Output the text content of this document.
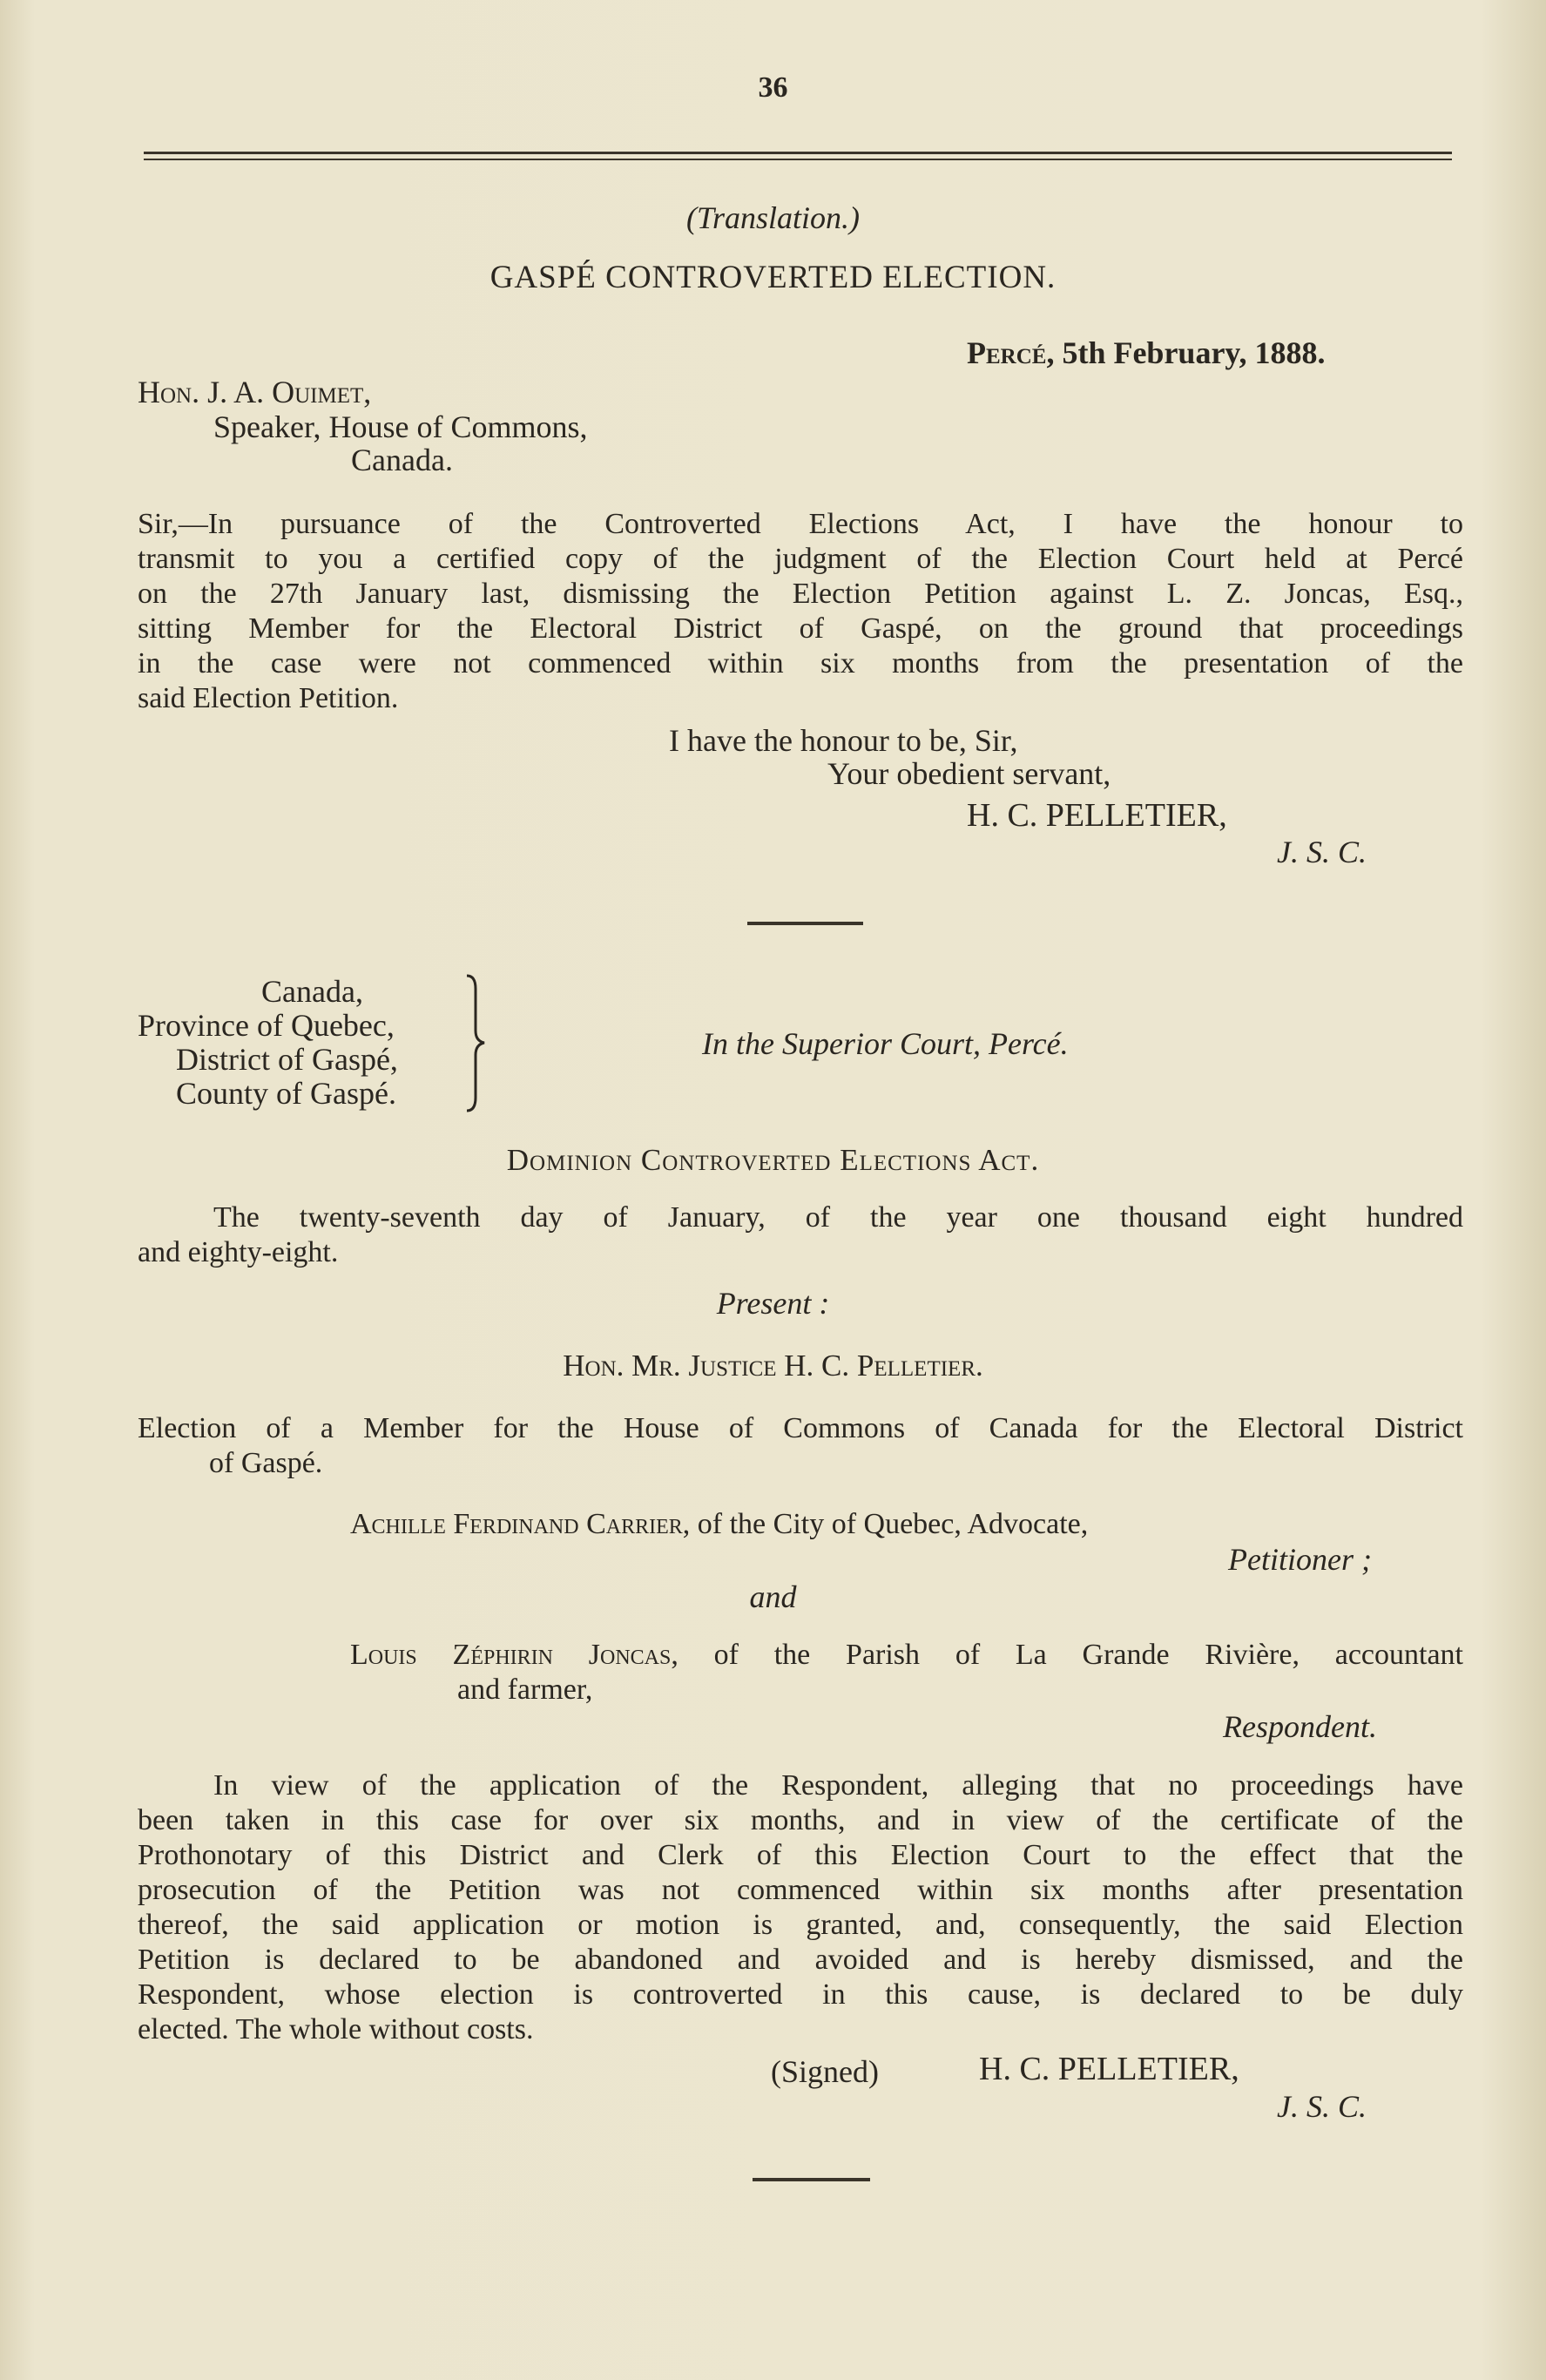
36
(Translation.)
GASPÉ CONTROVERTED ELECTION.
Percé, 5th February, 1888.
Hon. J. A. Ouimet,
Speaker, House of Commons,
Canada.
Sir,—In pursuance of the Controverted Elections Act, I have the honour to
transmit to you a certified copy of the judgment of the Election Court held at Percé
on the 27th January last, dismissing the Election Petition against L. Z. Joncas, Esq.,
sitting Member for the Electoral District of Gaspé, on the ground that proceedings
in the case were not commenced within six months from the presentation of the
said Election Petition.
I have the honour to be, Sir,
Your obedient servant,
H. C. PELLETIER,
J. S. C.
Canada,
Province of Quebec,
District of Gaspé,
County of Gaspé.
In the Superior Court, Percé.
Dominion Controverted Elections Act.
The twenty-seventh day of January, of the year one thousand eight hundred
and eighty-eight.
Present :
Hon. Mr. Justice H. C. Pelletier.
Election of a Member for the House of Commons of Canada for the Electoral District
of Gaspé.
Achille Ferdinand Carrier, of the City of Quebec, Advocate,
Petitioner ;
and
Louis Zéphirin Joncas, of the Parish of La Grande Rivière, accountant
and farmer,
Respondent.
In view of the application of the Respondent, alleging that no proceedings have
been taken in this case for over six months, and in view of the certificate of the
Prothonotary of this District and Clerk of this Election Court to the effect that the
prosecution of the Petition was not commenced within six months after presentation
thereof, the said application or motion is granted, and, consequently, the said Election
Petition is declared to be abandoned and avoided and is hereby dismissed, and the
Respondent, whose election is controverted in this cause, is declared to be duly
elected. The whole without costs.
(Signed)	H. C. PELLETIER,
J. S. C.
